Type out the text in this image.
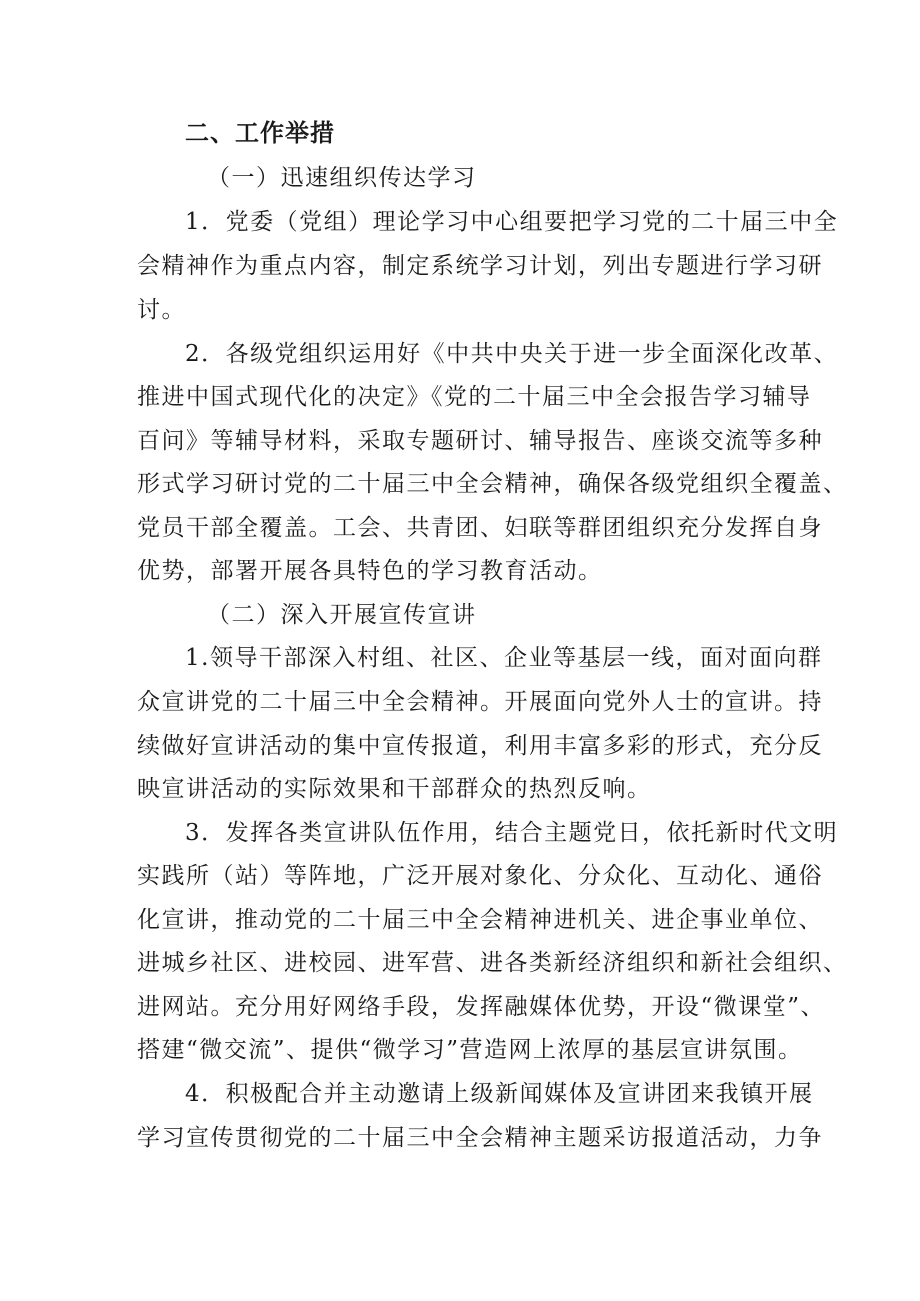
二、工作举措
（一）迅速组织传达学习
1．党委（党组）理论学习中心组要把学习党的二十届三中全
会精神作为重点内容，制定系统学习计划，列出专题进行学习研
讨。
2．各级党组织运用好《中共中央关于进一步全面深化改革、
推进中国式现代化的决定》《党的二十届三中全会报告学习辅导
百问》等辅导材料，采取专题研讨、辅导报告、座谈交流等多种
形式学习研讨党的二十届三中全会精神，确保各级党组织全覆盖、
党员干部全覆盖。工会、共青团、妇联等群团组织充分发挥自身
优势，部署开展各具特色的学习教育活动。
（二）深入开展宣传宣讲
1.领导干部深入村组、社区、企业等基层一线，面对面向群
众宣讲党的二十届三中全会精神。开展面向党外人士的宣讲。持
续做好宣讲活动的集中宣传报道，利用丰富多彩的形式，充分反
映宣讲活动的实际效果和干部群众的热烈反响。
3．发挥各类宣讲队伍作用，结合主题党日，依托新时代文明
实践所（站）等阵地，广泛开展对象化、分众化、互动化、通俗
化宣讲，推动党的二十届三中全会精神进机关、进企事业单位、
进城乡社区、进校园、进军营、进各类新经济组织和新社会组织、
进网站。充分用好网络手段，发挥融媒体优势，开设“微课堂”、
搭建“微交流”、提供“微学习”营造网上浓厚的基层宣讲氛围。
4．积极配合并主动邀请上级新闻媒体及宣讲团来我镇开展
学习宣传贯彻党的二十届三中全会精神主题采访报道活动，力争
